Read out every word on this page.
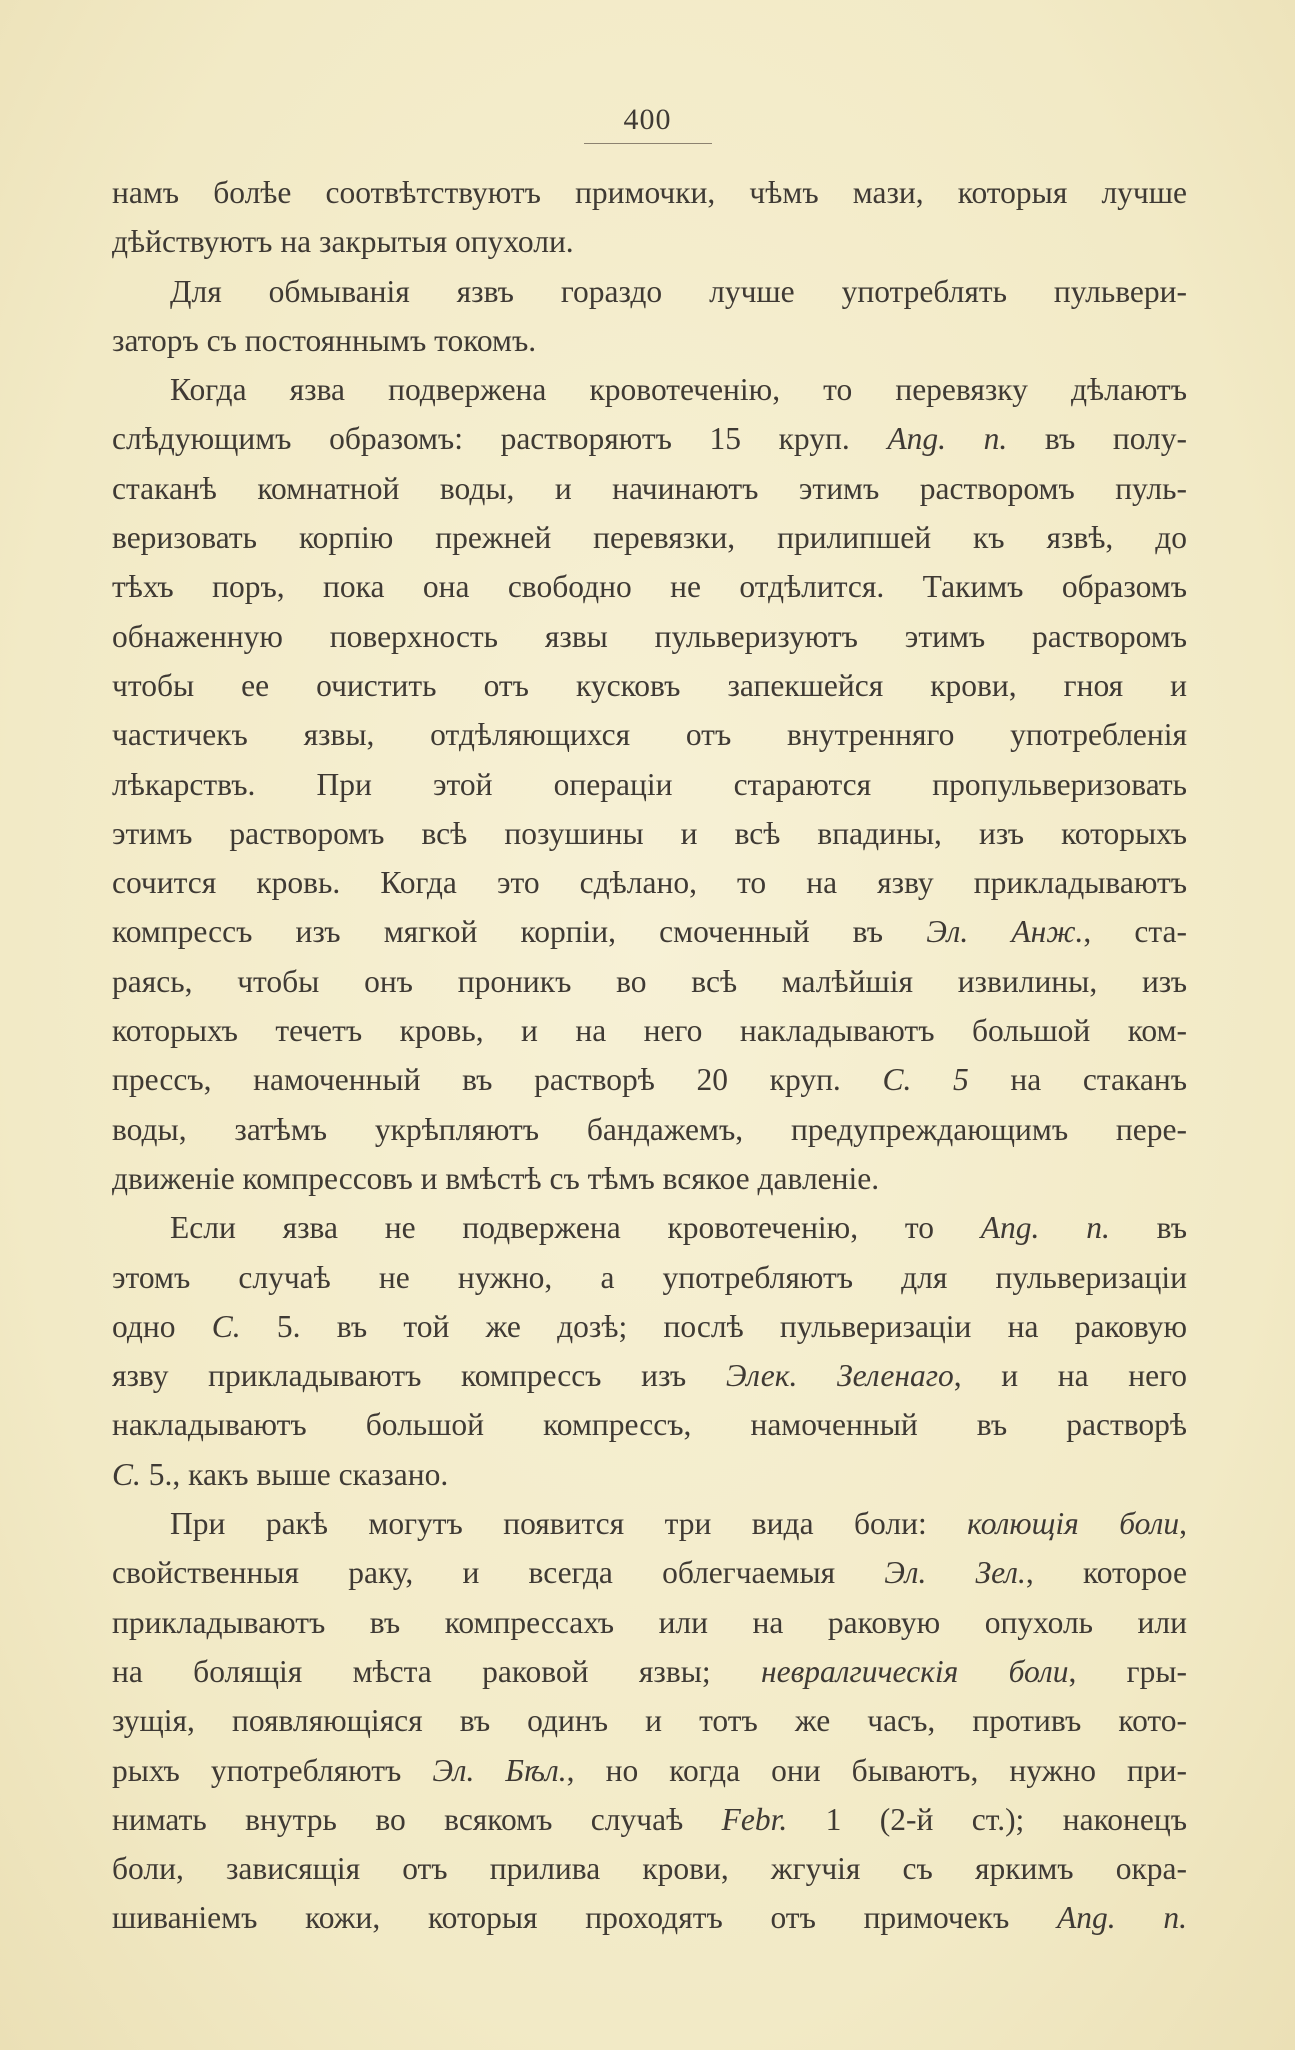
400
намъ болѣе соотвѣтствуютъ примочки, чѣмъ мази, которыя лучше
дѣйствуютъ на закрытыя опухоли.
Для обмыванія язвъ гораздо лучше употреблять пульвери-
заторъ съ постояннымъ токомъ.
Когда язва подвержена кровотеченію, то перевязку дѣлаютъ
слѣдующимъ образомъ: растворяютъ 15 круп. Ang. n. въ полу-
стаканѣ комнатной воды, и начинаютъ этимъ растворомъ пуль-
веризовать корпію прежней перевязки, прилипшей къ язвѣ, до
тѣхъ поръ, пока она свободно не отдѣлится. Такимъ образомъ
обнаженную поверхность язвы пульверизуютъ этимъ растворомъ
чтобы ее очистить отъ кусковъ запекшейся крови, гноя и
частичекъ язвы, отдѣляющихся отъ внутренняго употребленія
лѣкарствъ. При этой операціи стараются пропульверизовать
этимъ растворомъ всѣ позушины и всѣ впадины, изъ которыхъ
сочится кровь. Когда это сдѣлано, то на язву прикладываютъ
компрессъ изъ мягкой корпіи, смоченный въ Эл. Анж., ста-
раясь, чтобы онъ проникъ во всѣ малѣйшія извилины, изъ
которыхъ течетъ кровь, и на него накладываютъ большой ком-
прессъ, намоченный въ растворѣ 20 круп. С. 5 на стаканъ
воды, затѣмъ укрѣпляютъ бандажемъ, предупреждающимъ пере-
движеніе компрессовъ и вмѣстѣ съ тѣмъ всякое давленіе.
Если язва не подвержена кровотеченію, то Ang. n. въ
этомъ случаѣ не нужно, а употребляютъ для пульверизаціи
одно С. 5. въ той же дозѣ; послѣ пульверизаціи на раковую
язву прикладываютъ компрессъ изъ Элек. Зеленаго, и на него
накладываютъ большой компрессъ, намоченный въ растворѣ
С. 5., какъ выше сказано.
При ракѣ могутъ появится три вида боли: колющія боли,
свойственныя раку, и всегда облегчаемыя Эл. Зел., которое
прикладываютъ въ компрессахъ или на раковую опухоль или
на болящія мѣста раковой язвы; невралгическія боли, гры-
зущія, появляющіяся въ одинъ и тотъ же часъ, противъ кото-
рыхъ употребляютъ Эл. Бѣл., но когда они бываютъ, нужно при-
нимать внутрь во всякомъ случаѣ Febr. 1 (2-й ст.); наконецъ
боли, зависящія отъ прилива крови, жгучія съ яркимъ окра-
шиваніемъ кожи, которыя проходятъ отъ примочекъ Ang. n.
